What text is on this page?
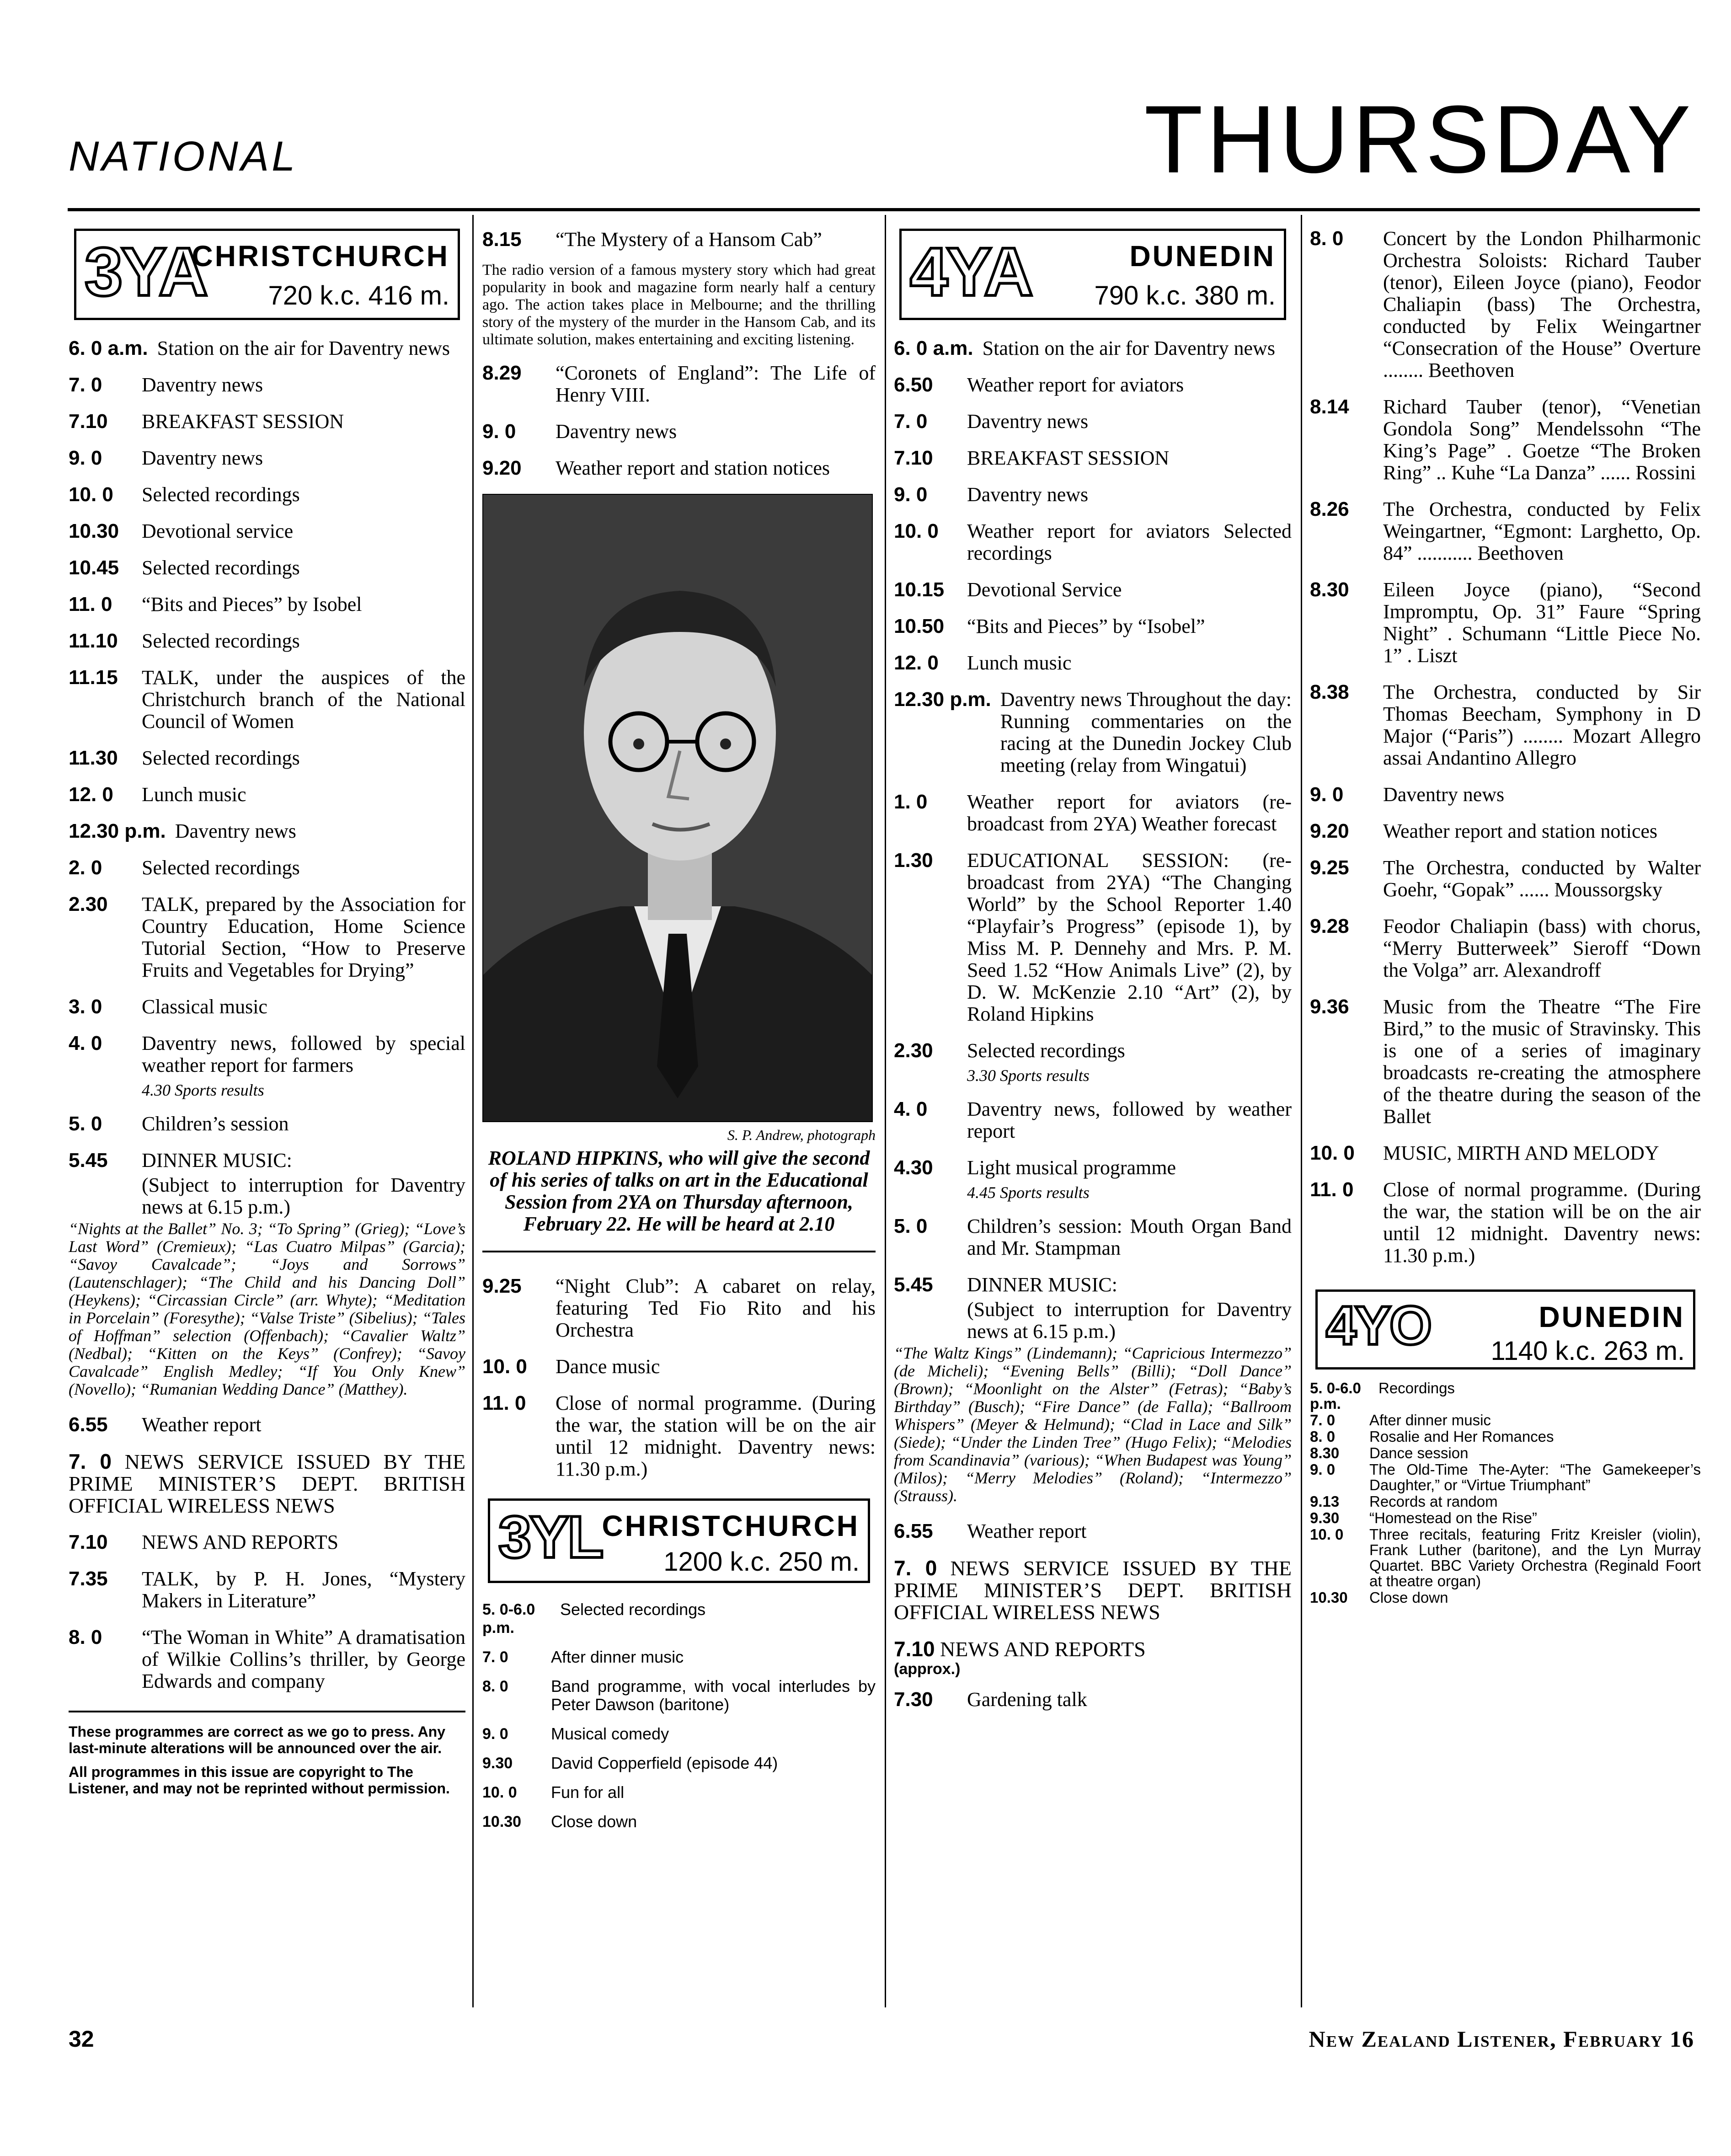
NATIONAL	THURSDAY
3YA
CHRISTCHURCH
720 k.c. 416 m.
6. 0 a.m. Station on the air for Daventry news
7. 0	Daventry news
7.10	BREAKFAST SESSION
9. 0	Daventry news
10. 0	Selected recordings
10.30	Devotional service
10.45	Selected recordings
11. 0	“Bits and Pieces” by Isobel
11.10	Selected recordings
11.15	TALK, under the auspices of the Christchurch branch of the National Council of Women
11.30	Selected recordings
12. 0	Lunch music
12.30 p.m. Daventry news
2. 0	Selected recordings
2.30	TALK, prepared by the Association for Country Education, Home Science Tutorial Section, “How to Preserve Fruits and Vegetables for Drying”
3. 0	Classical music
4. 0	Daventry news, followed by special weather report for farmers
4.30 Sports results
5. 0	Children’s session
5.45	DINNER MUSIC:
(Subject to interruption for Daventry news at 6.15 p.m.)
“Nights at the Ballet” No. 3; “To Spring” (Grieg); “Love’s Last Word” (Cremieux); “Las Cuatro Milpas” (Garcia); “Savoy Cavalcade”; “Joys and Sorrows” (Lautenschlager); “The Child and his Dancing Doll” (Heykens); “Circassian Circle” (arr. Whyte); “Meditation in Porcelain” (Foresythe); “Valse Triste” (Sibelius); “Tales of Hoffman” selection (Offenbach); “Cavalier Waltz” (Nedbal); “Kitten on the Keys” (Confrey); “Savoy Cavalcade” English Medley; “If You Only Knew” (Novello); “Rumanian Wedding Dance” (Matthey).
6.55	Weather report
7. 0 NEWS SERVICE ISSUED BY THE PRIME MINISTER’S DEPT. BRITISH OFFICIAL WIRELESS NEWS
7.10	NEWS AND REPORTS
7.35	TALK, by P. H. Jones, “Mystery Makers in Literature”
8. 0	“The Woman in White” A dramatisation of Wilkie Collins’s thriller, by George Edwards and company
These programmes are correct as we go to press. Any last-minute alterations will be announced over the air.
All programmes in this issue are copyright to The Listener, and may not be reprinted without permission.
8.15	“The Mystery of a Hansom Cab”
The radio version of a famous mystery story which had great popularity in book and magazine form nearly half a century ago. The action takes place in Melbourne; and the thrilling story of the mystery of the murder in the Hansom Cab, and its ultimate solution, makes entertaining and exciting listening.
8.29	“Coronets of England”: The Life of Henry VIII.
9. 0	Daventry news
9.20	Weather report and station notices
S. P. Andrew, photograph
ROLAND HIPKINS, who will give the second of his series of talks on art in the Educational Session from 2YA on Thursday afternoon, February 22. He will be heard at 2.10
9.25	“Night Club”: A cabaret on relay, featuring Ted Fio Rito and his Orchestra
10. 0	Dance music
11. 0	Close of normal programme. (During the war, the station will be on the air until 12 midnight. Daventry news: 11.30 p.m.)
3YL CHRISTCHURCH
1200 k.c. 250 m.
5. 0-6.0 p.m.
Selected recordings
7. 0	After dinner music
8. 0	Band programme, with vocal interludes by Peter Dawson (baritone)
9. 0	Musical comedy
9.30	David Copperfield (episode 44)
10. 0	Fun for all
10.30	Close down
4YA	DUNEDIN
790 k.c. 380 m.
6. 0 a.m. Station on the air for Daventry news
6.50	Weather report for aviators
7. 0	Daventry news
7.10	BREAKFAST SESSION
9. 0	Daventry news
10. 0	Weather report for aviators Selected recordings
10.15	Devotional Service
10.50	“Bits and Pieces” by “Isobel”
12. 0	Lunch music
12.30 p.m. Daventry news Throughout the day: Running commentaries on the racing at the Dunedin Jockey Club meeting (relay from Wingatui)
1. 0	Weather report for aviators (re-broadcast from 2YA) Weather forecast
1.30	EDUCATIONAL SESSION: (re-broadcast from 2YA) “The Changing World” by the School Reporter 1.40 “Playfair’s Progress” (episode 1), by Miss M. P. Dennehy and Mrs. P. M. Seed 1.52 “How Animals Live” (2), by D. W. McKenzie 2.10 “Art” (2), by Roland Hipkins
2.30	Selected recordings
3.30 Sports results
4. 0	Daventry news, followed by weather report
4.30	Light musical programme
4.45 Sports results
5. 0	Children’s session: Mouth Organ Band and Mr. Stampman
5.45	DINNER MUSIC:
(Subject to interruption for Daventry news at 6.15 p.m.)
“The Waltz Kings” (Lindemann); “Capricious Intermezzo” (de Micheli); “Evening Bells” (Billi); “Doll Dance” (Brown); “Moonlight on the Alster” (Fetras); “Baby’s Birthday” (Busch); “Fire Dance” (de Falla); “Ballroom Whispers” (Meyer & Helmund); “Clad in Lace and Silk” (Siede); “Under the Linden Tree” (Hugo Felix); “Melodies from Scandinavia” (various); “When Budapest was Young” (Milos); “Merry Melodies” (Roland); “Intermezzo” (Strauss).
6.55	Weather report
7. 0 NEWS SERVICE ISSUED BY THE PRIME MINISTER’S DEPT. BRITISH OFFICIAL WIRELESS NEWS
7.10 NEWS AND REPORTS
(approx.)
7.30	Gardening talk
8. 0	Concert by the London Philharmonic Orchestra Soloists: Richard Tauber (tenor), Eileen Joyce (piano), Feodor Chaliapin (bass) The Orchestra, conducted by Felix Weingartner “Consecration of the House” Overture ........ Beethoven
8.14	Richard Tauber (tenor), “Venetian Gondola Song” Mendelssohn “The King’s Page” . Goetze “The Broken Ring” .. Kuhe “La Danza” ...... Rossini
8.26	The Orchestra, conducted by Felix Weingartner, “Egmont: Larghetto, Op. 84” ........... Beethoven
8.30	Eileen Joyce (piano), “Second Impromptu, Op. 31” Faure “Spring Night” . Schumann “Little Piece No. 1” . Liszt
8.38	The Orchestra, conducted by Sir Thomas Beecham, Symphony in D Major (“Paris”) ........ Mozart Allegro assai Andantino Allegro
9. 0	Daventry news
9.20	Weather report and station notices
9.25	The Orchestra, conducted by Walter Goehr, “Gopak” ...... Moussorgsky
9.28	Feodor Chaliapin (bass) with chorus, “Merry Butterweek” Sieroff “Down the Volga” arr. Alexandroff
9.36	Music from the Theatre “The Fire Bird,” to the music of Stravinsky. This is one of a series of imaginary broadcasts re-creating the atmosphere of the theatre during the season of the Ballet
10. 0	MUSIC, MIRTH AND MELODY
11. 0	Close of normal programme. (During the war, the station will be on the air until 12 midnight. Daventry news: 11.30 p.m.)
4YO	DUNEDIN
1140 k.c. 263 m.
5. 0-6.0 p.m.
Recordings
7. 0	After dinner music
8. 0	Rosalie and Her Romances
8.30	Dance session
9. 0	The Old-Time The-Ayter: “The Gamekeeper’s Daughter,” or “Virtue Triumphant”
9.13	Records at random
9.30	“Homestead on the Rise”
10. 0	Three recitals, featuring Fritz Kreisler (violin), Frank Luther (baritone), and the Lyn Murray Quartet. BBC Variety Orchestra (Reginald Foort at theatre organ)
10.30	Close down
32	New Zealand Listener, February 16
